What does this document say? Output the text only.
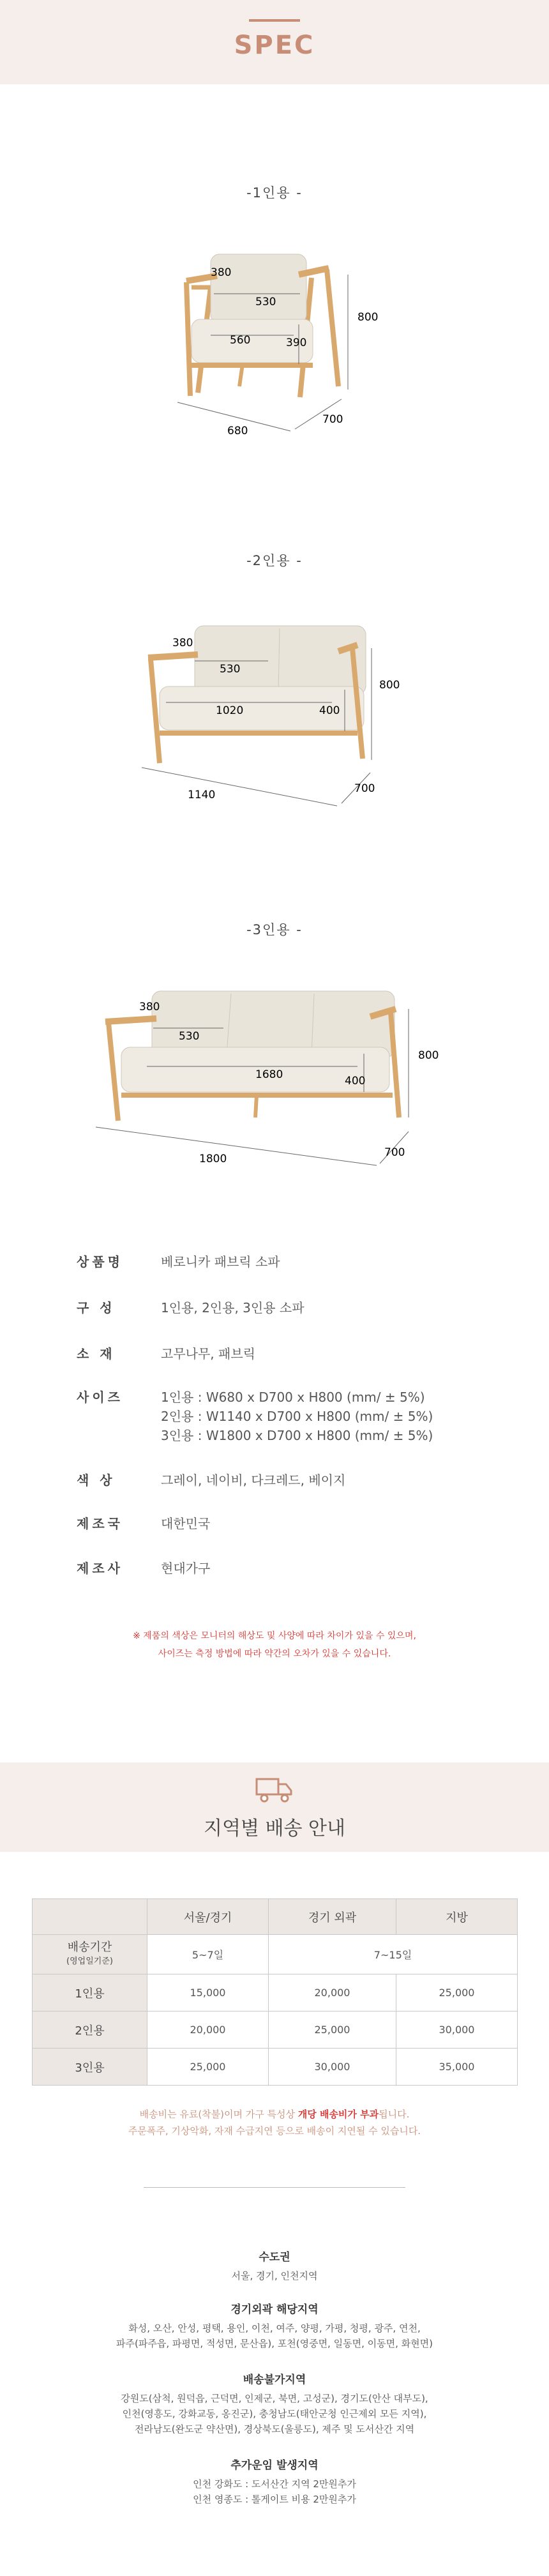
SPEC
-1인용 -
380
530
560	390
800
680
700
-2인용 -
380
530
1020	400
800
1140	700
-3인용 -
380
530
1680	400
800
1800	700
상품명	베로니카 패브릭 소파
구 성	1인용, 2인용, 3인용 소파
소 재	고무나무, 패브릭
사이즈	1인용 : W680 x D700 x H800 (mm/ ± 5%)
2인용 : W1140 x D700 x H800 (mm/ ± 5%)
3인용 : W1800 x D700 x H800 (mm/ ± 5%)
색 상	그레이, 네이비, 다크레드, 베이지
제조국	대한민국
제조사	현대가구
※ 제품의 색상은 모니터의 해상도 및 사양에 따라 차이가 있을 수 있으며,
사이즈는 측정 방법에 따라 약간의 오차가 있을 수 있습니다.
지역별 배송 안내
	서울/경기	경기 외곽	지방
배송기간
(영업일기준)	5~7일	7~15일	
1인용	15,000	20,000	25,000
2인용	20,000	25,000	30,000
3인용	25,000	30,000	35,000
배송비는 유료(착불)이며 가구 특성상 개당 배송비가 부과됩니다.
주문폭주, 기상악화, 자재 수급지연 등으로 배송이 지연될 수 있습니다.
수도권
서울, 경기, 인천지역
경기외곽 해당지역
화성, 오산, 안성, 평택, 용인, 이천, 여주, 양평, 가평, 청평, 광주, 연천,
파주(파주읍, 파평면, 적성면, 문산읍), 포천(영중면, 일동면, 이동면, 화현면)
배송불가지역
강원도(삼척, 원덕읍, 근덕면, 인제군, 북면, 고성군), 경기도(안산 대부도),
인천(영흥도, 강화교동, 옹진군), 충청남도(태안군청 인근제외 모든 지역),
전라남도(완도군 약산면), 경상북도(울릉도), 제주 및 도서산간 지역
추가운임 발생지역
인천 강화도 : 도서산간 지역 2만원추가
인천 영종도 : 톨게이트 비용 2만원추가
